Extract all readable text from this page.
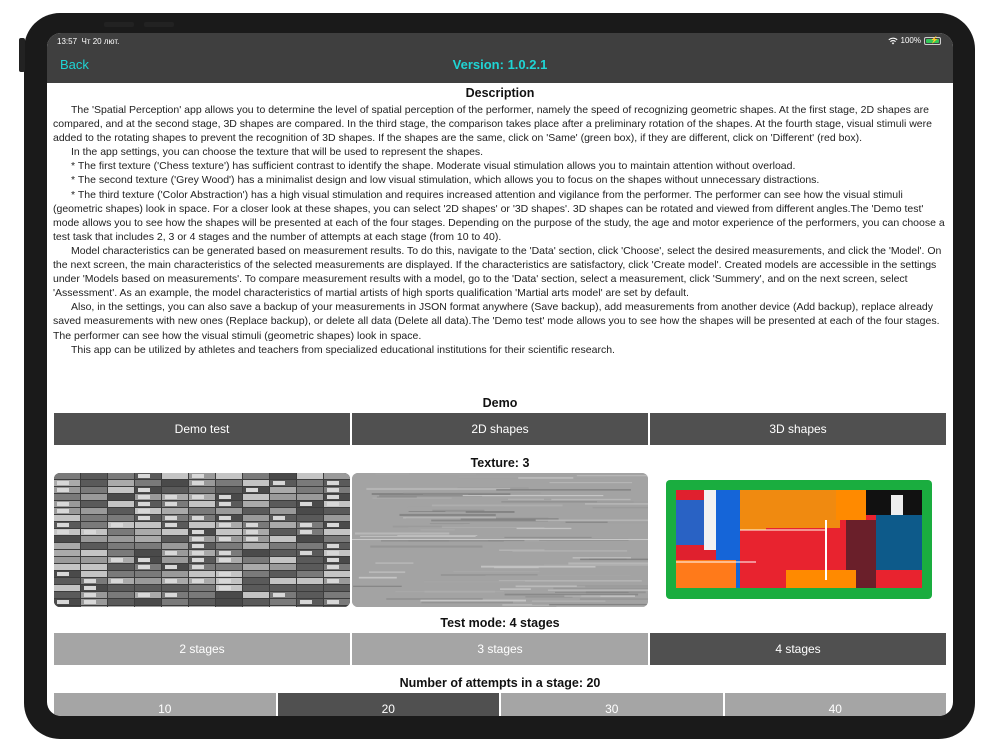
13:57 Чт 20 лют.	100% ⚡
Back	Version: 1.0.2.1
Description

The 'Spatial Perception' app allows you to determine the level of spatial perception of the performer, namely the speed of recognizing geometric shapes. At the first stage, 2D shapes are compared, and at the second stage, 3D shapes are compared. In the third stage, the comparison takes place after a preliminary rotation of the shapes. At the fourth stage, visual stimuli were added to the rotating shapes to prevent the recognition of 3D shapes. If the shapes are the same, click on 'Same' (green box), if they are different, click on 'Different' (red box).

In the app settings, you can choose the texture that will be used to represent the shapes.

* The first texture ('Chess texture') has sufficient contrast to identify the shape. Moderate visual stimulation allows you to maintain attention without overload.

* The second texture ('Grey Wood') has a minimalist design and low visual stimulation, which allows you to focus on the shapes without unnecessary distractions.

* The third texture ('Color Abstraction') has a high visual stimulation and requires increased attention and vigilance from the performer. The performer can see how the visual stimuli (geometric shapes) look in space. For a closer look at these shapes, you can select '2D shapes' or '3D shapes'. 3D shapes can be rotated and viewed from different angles.The 'Demo test' mode allows you to see how the shapes will be presented at each of the four stages. Depending on the purpose of the study, the age and motor experience of the performers, you can choose a test task that includes 2, 3 or 4 stages and the number of attempts at each stage (from 10 to 40).

Model characteristics can be generated based on measurement results. To do this, navigate to the 'Data' section, click 'Choose', select the desired measurements, and click the 'Model'. On the next screen, the main characteristics of the selected measurements are displayed. If the characteristics are satisfactory, click 'Create model'. Created models are accessible in the settings under 'Models based on measurements'. To compare measurement results with a model, go to the 'Data' section, select a measurement, click 'Summery', and on the next screen, select 'Assessment'. As an example, the model characteristics of martial artists of high sports qualification 'Martial arts model' are set by default.

Also, in the settings, you can also save a backup of your measurements in JSON format anywhere (Save backup), add measurements from another device (Add backup), replace already saved measurements with new ones (Replace backup), or delete all data (Delete all data).The 'Demo test' mode allows you to see how the shapes will be presented at each of the four stages. The performer can see how the visual stimuli (geometric shapes) look in space.

This app can be utilized by athletes and teachers from specialized educational institutions for their scientific research.

Demo
Demo test	2D shapes	3D shapes
Texture: 3
Test mode: 4 stages
2 stages	3 stages	4 stages
Number of attempts in a stage: 20
10	20	30	40
